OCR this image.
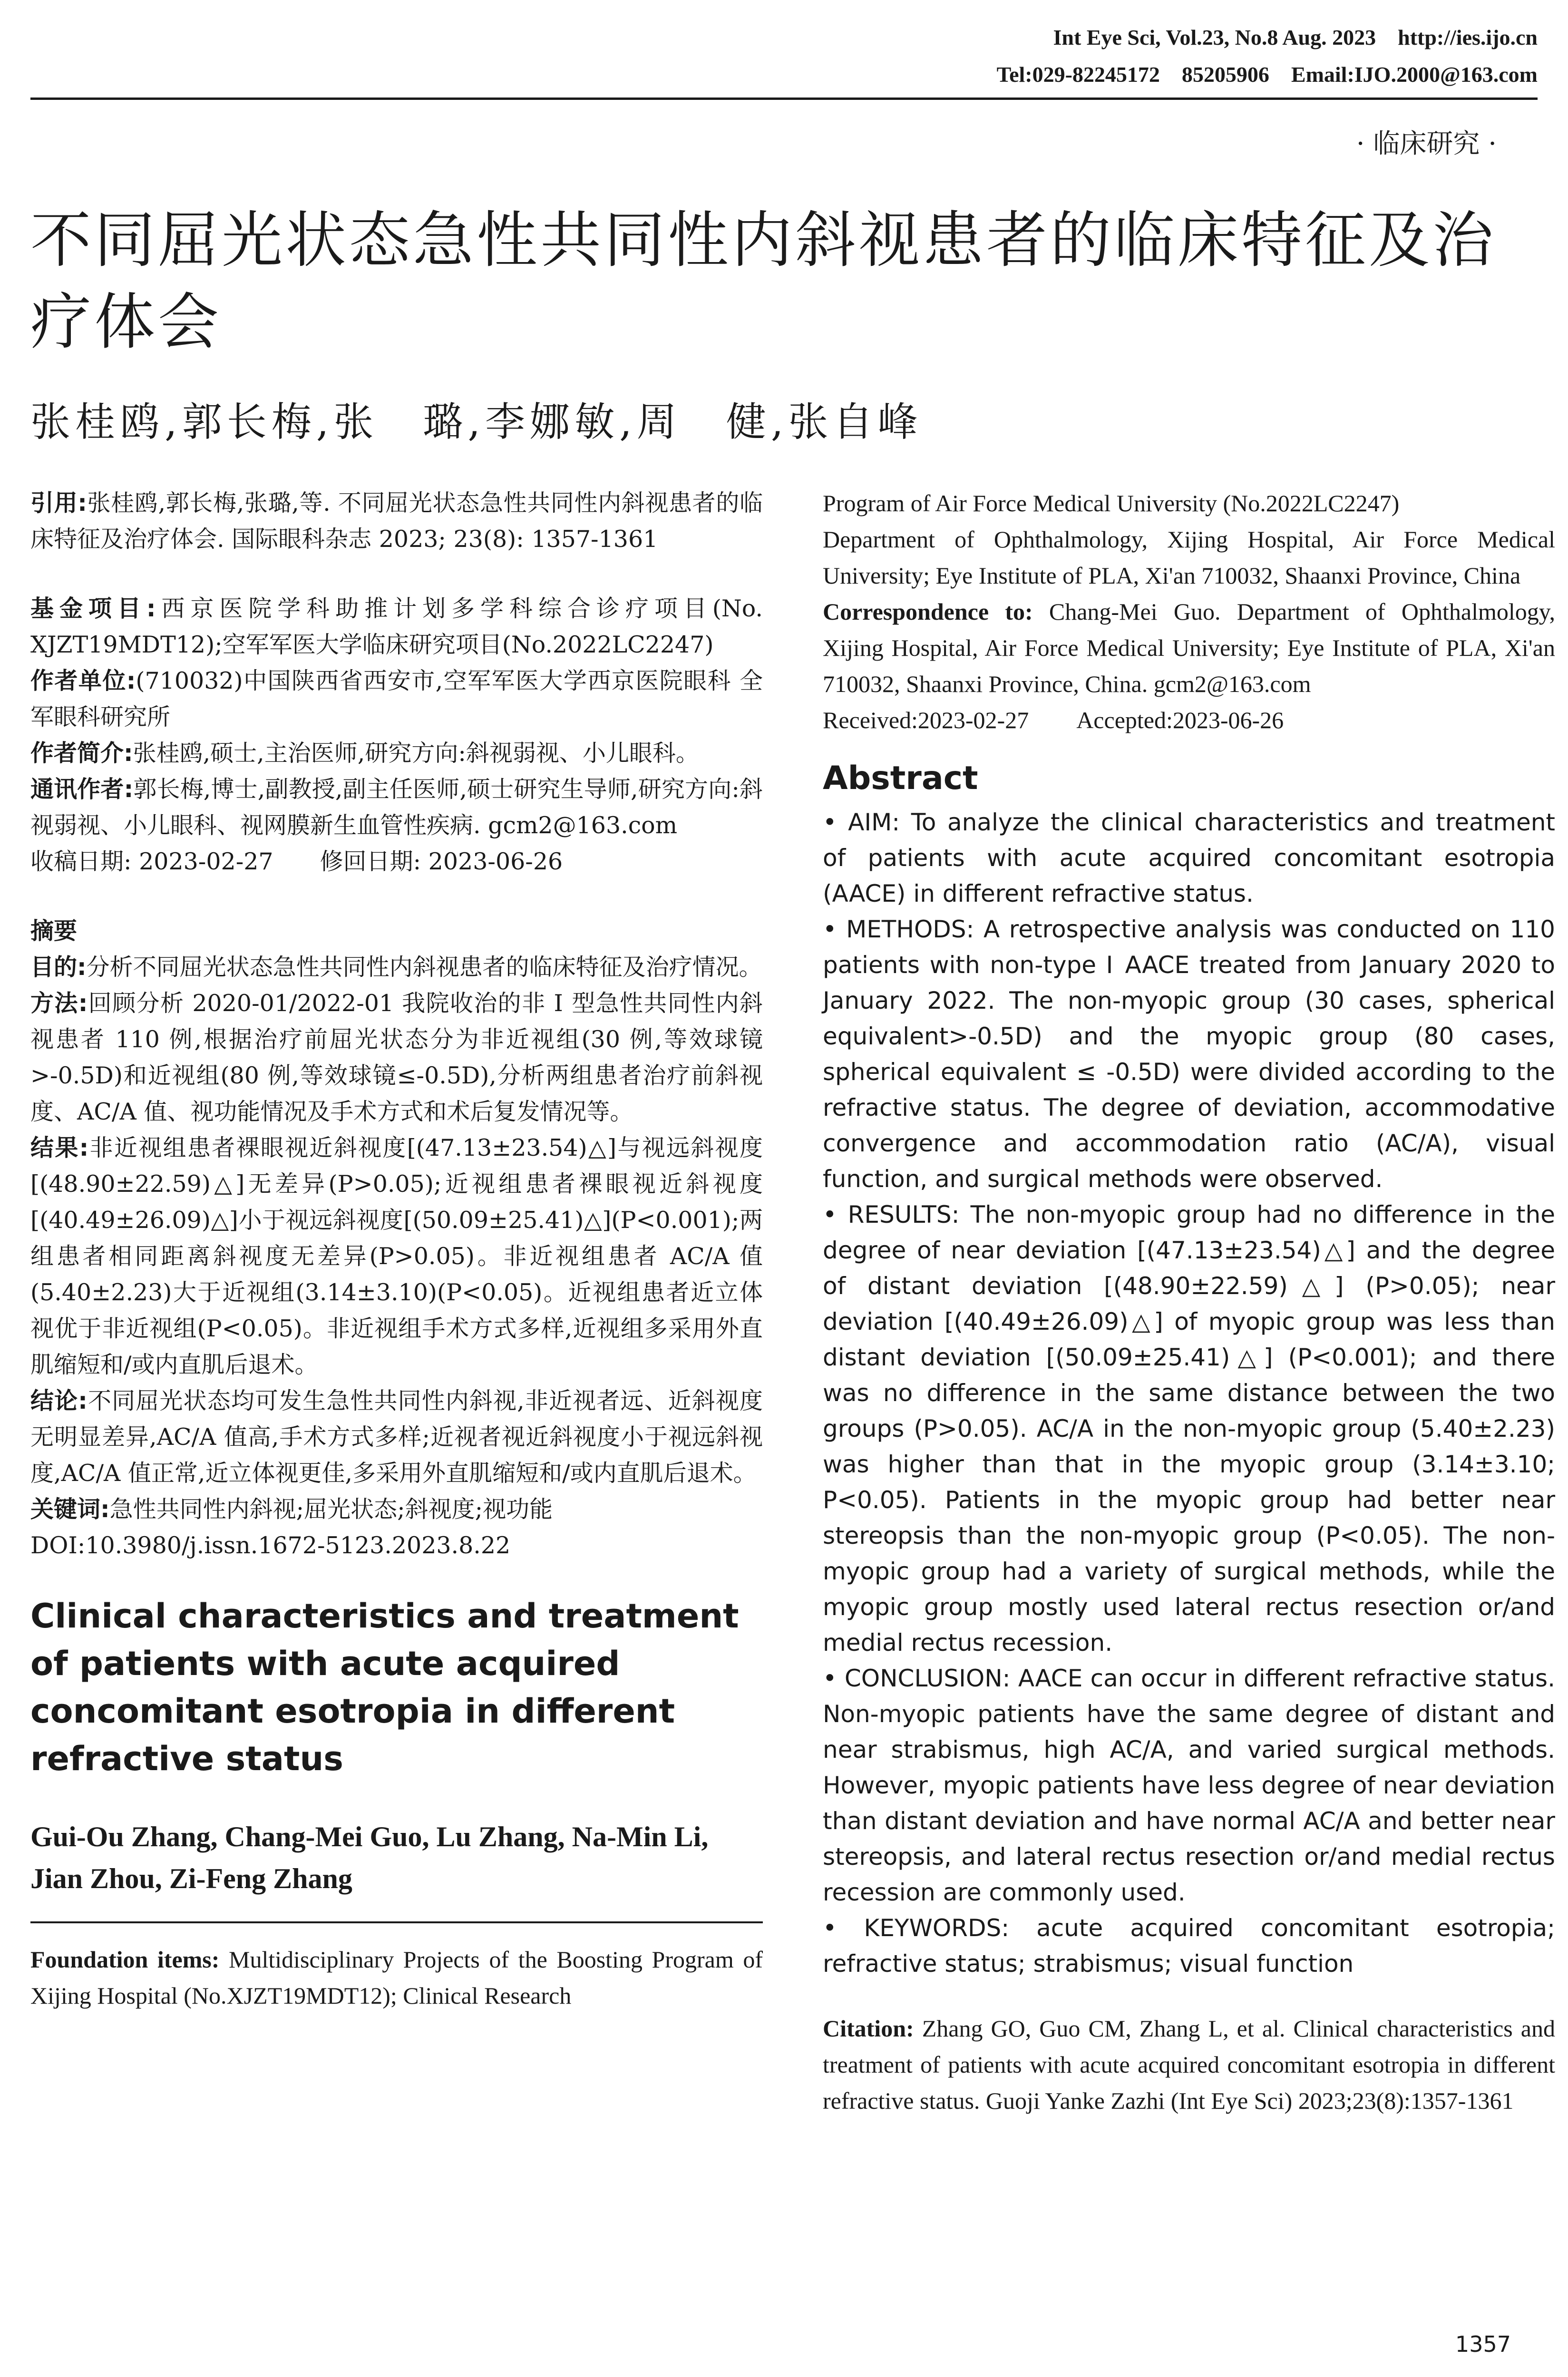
Int Eye Sci, Vol.23, No.8 Aug. 2023    http://ies.ijo.cn
Tel:029-82245172    85205906    Email:IJO.2000@163.com
· 临床研究 ·
不同屈光状态急性共同性内斜视患者的临床特征及治疗体会
张桂鸥,郭长梅,张　璐,李娜敏,周　健,张自峰
引用:张桂鸥,郭长梅,张璐,等. 不同屈光状态急性共同性内斜视患者的临床特征及治疗体会. 国际眼科杂志 2023; 23(8): 1357-1361
基金项目:西京医院学科助推计划多学科综合诊疗项目(No. XJZT19MDT12);空军军医大学临床研究项目(No.2022LC2247)
作者单位:(710032)中国陕西省西安市,空军军医大学西京医院眼科 全军眼科研究所
作者简介:张桂鸥,硕士,主治医师,研究方向:斜视弱视、小儿眼科。
通讯作者:郭长梅,博士,副教授,副主任医师,硕士研究生导师,研究方向:斜视弱视、小儿眼科、视网膜新生血管性疾病. gcm2@163.com
收稿日期: 2023-02-27　　修回日期: 2023-06-26
摘要
目的:分析不同屈光状态急性共同性内斜视患者的临床特征及治疗情况。
方法:回顾分析 2020-01/2022-01 我院收治的非 Ⅰ 型急性共同性内斜视患者 110 例,根据治疗前屈光状态分为非近视组(30 例,等效球镜>-0.5D)和近视组(80 例,等效球镜≤-0.5D),分析两组患者治疗前斜视度、AC/A 值、视功能情况及手术方式和术后复发情况等。
结果:非近视组患者裸眼视近斜视度[(47.13±23.54)△]与视远斜视度[(48.90±22.59)△]无差异(P>0.05);近视组患者裸眼视近斜视度[(40.49±26.09)△]小于视远斜视度[(50.09±25.41)△](P<0.001);两组患者相同距离斜视度无差异(P>0.05)。非近视组患者 AC/A 值(5.40±2.23)大于近视组(3.14±3.10)(P<0.05)。近视组患者近立体视优于非近视组(P<0.05)。非近视组手术方式多样,近视组多采用外直肌缩短和/或内直肌后退术。
结论:不同屈光状态均可发生急性共同性内斜视,非近视者远、近斜视度无明显差异,AC/A 值高,手术方式多样;近视者视近斜视度小于视远斜视度,AC/A 值正常,近立体视更佳,多采用外直肌缩短和/或内直肌后退术。
关键词:急性共同性内斜视;屈光状态;斜视度;视功能
DOI:10.3980/j.issn.1672-5123.2023.8.22
Clinical characteristics and treatment of patients with acute acquired concomitant esotropia in different refractive status
Gui-Ou Zhang, Chang-Mei Guo, Lu Zhang, Na-Min Li, Jian Zhou, Zi-Feng Zhang
Foundation items: Multidisciplinary Projects of the Boosting Program of Xijing Hospital (No.XJZT19MDT12); Clinical Research

Program of Air Force Medical University (No.2022LC2247)

Department of Ophthalmology, Xijing Hospital, Air Force Medical University; Eye Institute of PLA, Xi'an 710032, Shaanxi Province, China

Correspondence to: Chang-Mei Guo. Department of Ophthalmology, Xijing Hospital, Air Force Medical University; Eye Institute of PLA, Xi'an 710032, Shaanxi Province, China. gcm2@163.com

Received:2023-02-27　　Accepted:2023-06-26

Abstract

• AIM: To analyze the clinical characteristics and treatment of patients with acute acquired concomitant esotropia (AACE) in different refractive status.

• METHODS: A retrospective analysis was conducted on 110 patients with non-type Ⅰ AACE treated from January 2020 to January 2022. The non-myopic group (30 cases, spherical equivalent>-0.5D) and the myopic group (80 cases, spherical equivalent ≤ -0.5D) were divided according to the refractive status. The degree of deviation, accommodative convergence and accommodation ratio (AC/A), visual function, and surgical methods were observed.

• RESULTS: The non-myopic group had no difference in the degree of near deviation [(47.13±23.54)△] and the degree of distant deviation [(48.90±22.59)△] (P>0.05); near deviation [(40.49±26.09)△] of myopic group was less than distant deviation [(50.09±25.41)△] (P<0.001); and there was no difference in the same distance between the two groups (P>0.05). AC/A in the non-myopic group (5.40±2.23) was higher than that in the myopic group (3.14±3.10; P<0.05). Patients in the myopic group had better near stereopsis than the non-myopic group (P<0.05). The non-myopic group had a variety of surgical methods, while the myopic group mostly used lateral rectus resection or/and medial rectus recession.

• CONCLUSION: AACE can occur in different refractive status. Non-myopic patients have the same degree of distant and near strabismus, high AC/A, and varied surgical methods. However, myopic patients have less degree of near deviation than distant deviation and have normal AC/A and better near stereopsis, and lateral rectus resection or/and medial rectus recession are commonly used.

• KEYWORDS: acute acquired concomitant esotropia; refractive status; strabismus; visual function

Citation: Zhang GO, Guo CM, Zhang L, et al. Clinical characteristics and treatment of patients with acute acquired concomitant esotropia in different refractive status. Guoji Yanke Zazhi (Int Eye Sci) 2023;23(8):1357-1361
1357
